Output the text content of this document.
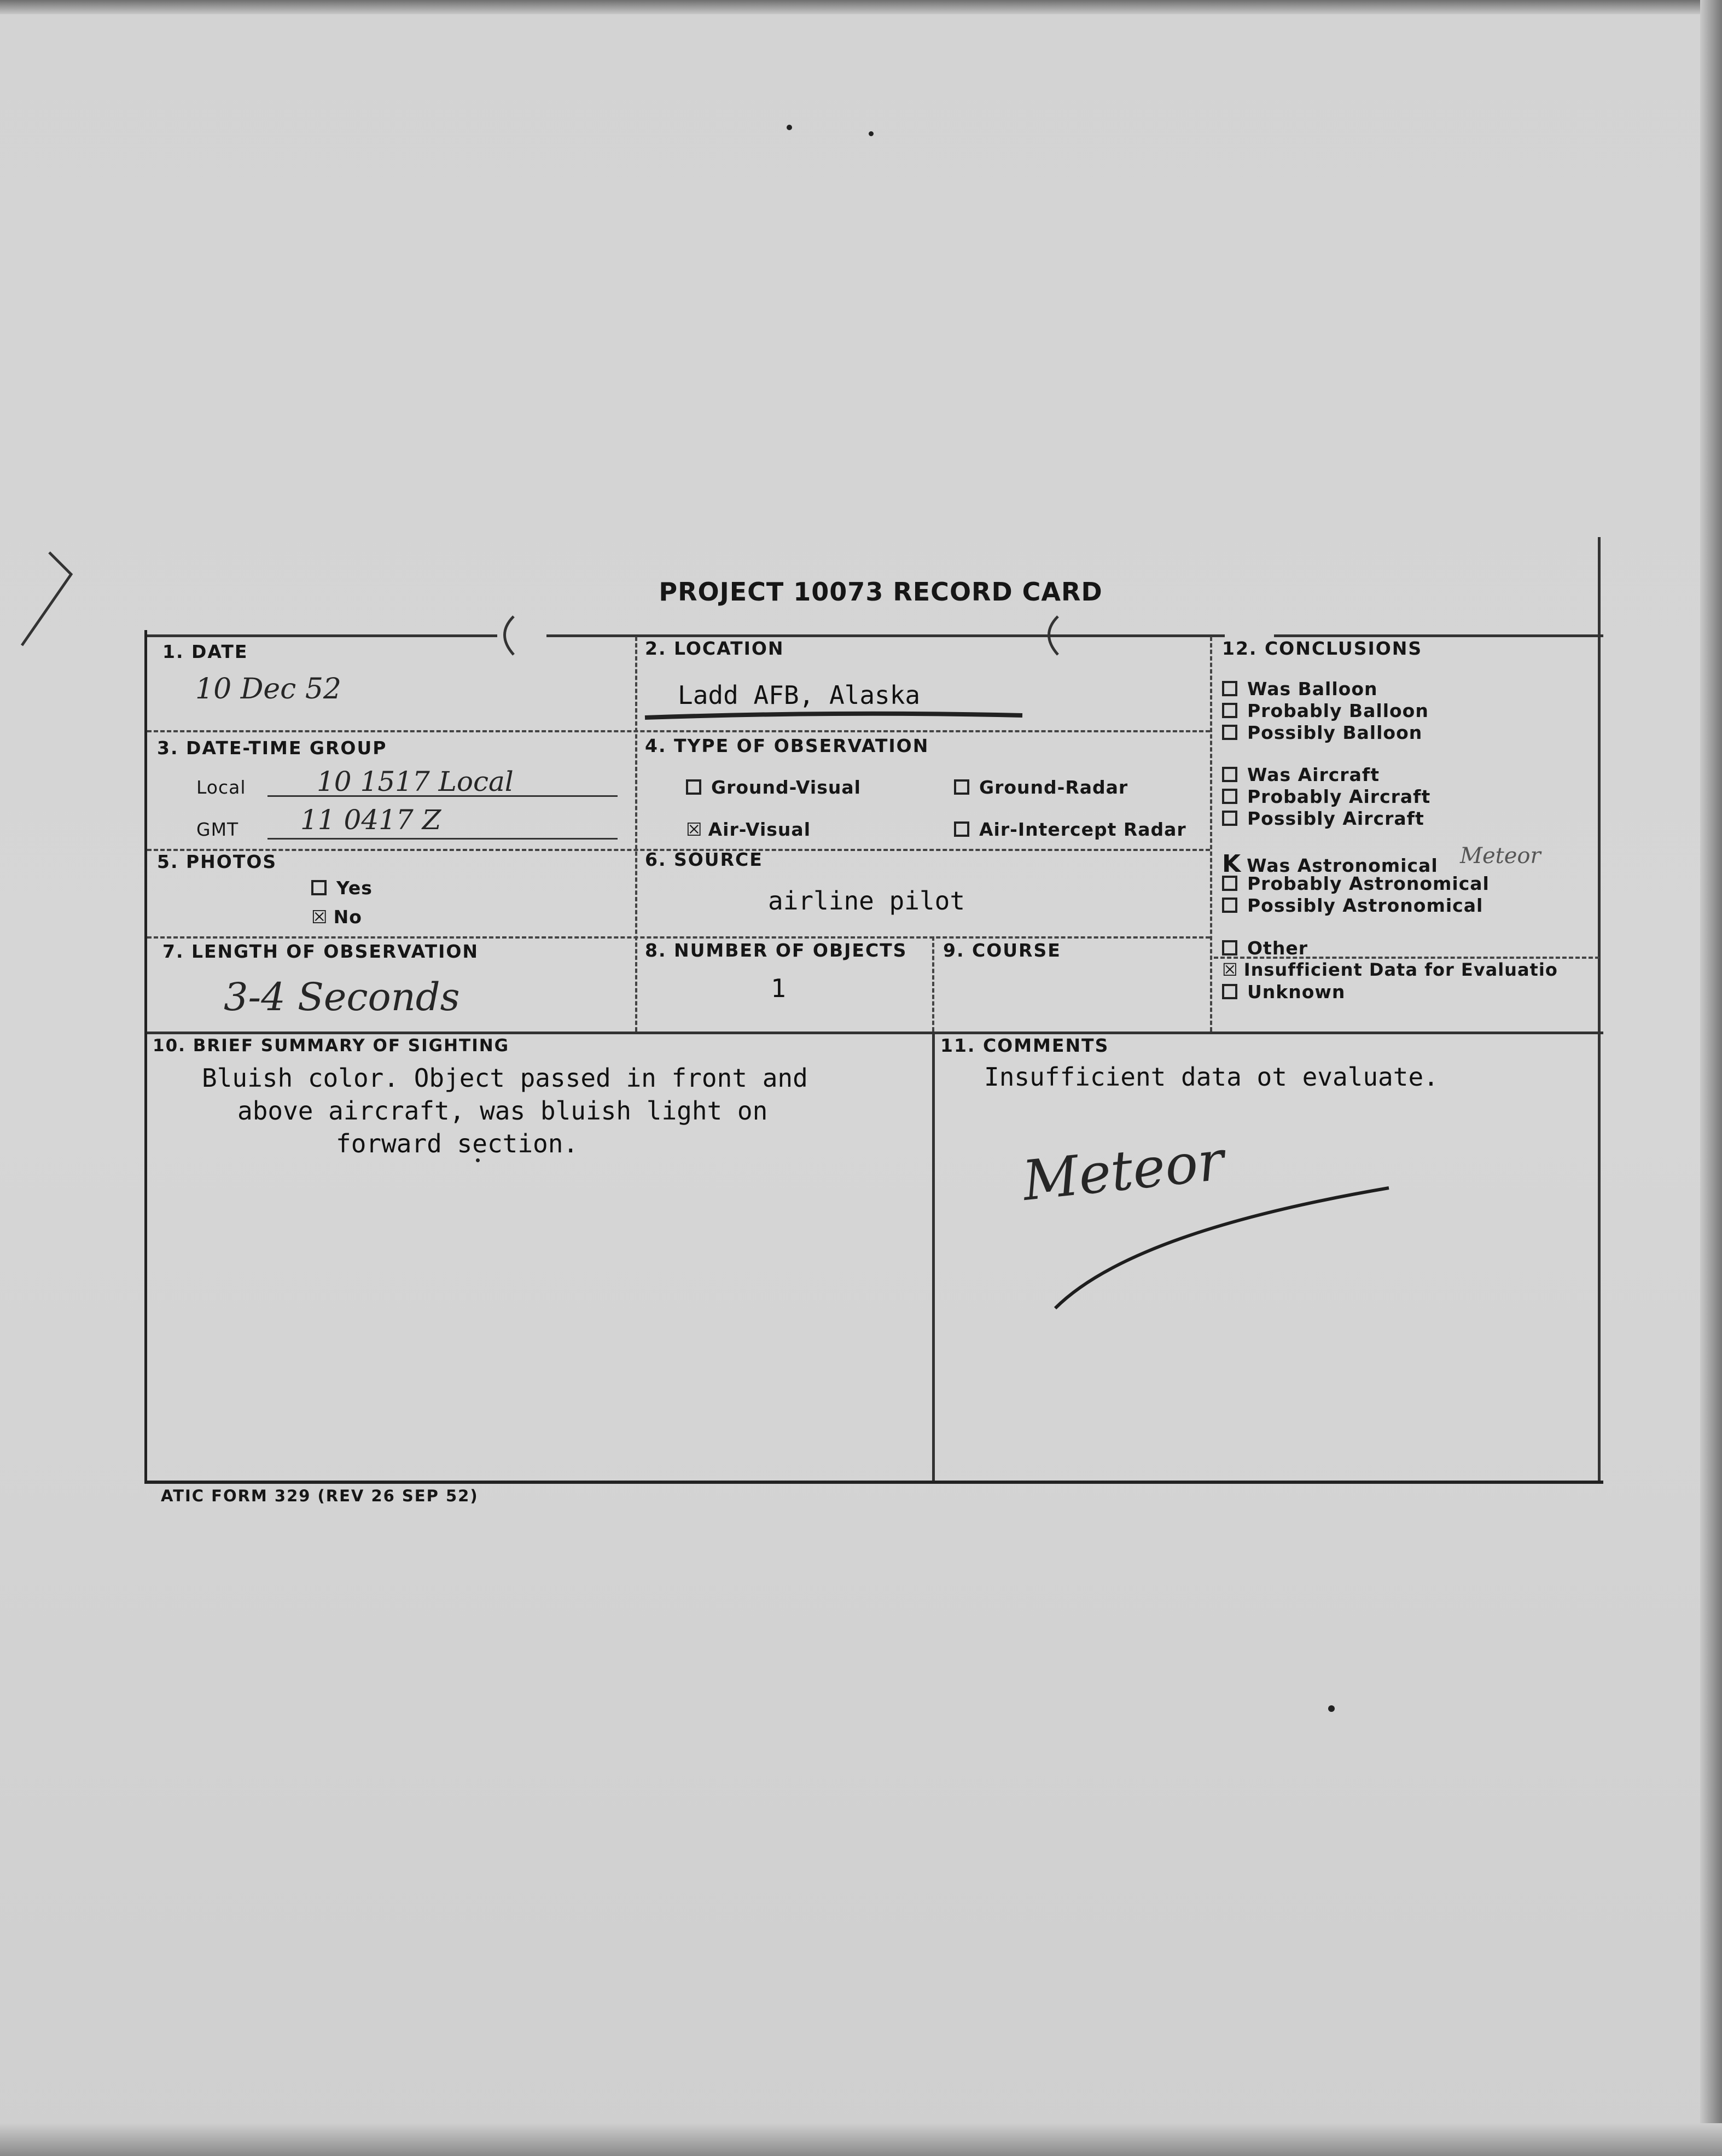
PROJECT 10073 RECORD CARD
1. DATE
10 Dec 52
2. LOCATION
Ladd AFB, Alaska
3. DATE-TIME GROUP
Local	10 1517 Local
GMT 11 0417 Z
4. TYPE OF OBSERVATION
Ground-Visual	Ground-Radar
☒ Air-Visual	Air-Intercept Radar
5. PHOTOS
Yes
☒ No
6. SOURCE
airline pilot
7. LENGTH OF OBSERVATION
3-4 Seconds
8. NUMBER OF OBJECTS
1
9. COURSE
12. CONCLUSIONS
Was Balloon
Probably Balloon
Possibly Balloon
Was Aircraft
Probably Aircraft
Possibly Aircraft
K Was Astronomical
Probably Astronomical
Possibly Astronomical
Other
☒ Insufficient Data for Evaluatio
Unknown
Meteor
10. BRIEF SUMMARY OF SIGHTING
Bluish color. Object passed in front and
above aircraft, was bluish light on
forward section.
11. COMMENTS
Insufficient data ot evaluate.
Meteor
ATIC FORM 329 (REV 26 SEP 52)
